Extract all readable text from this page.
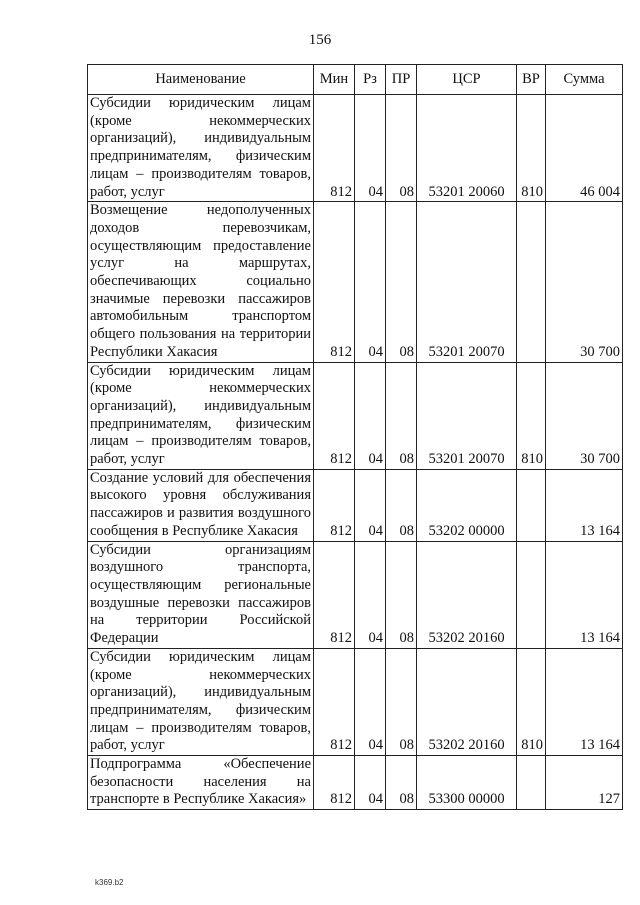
156
Наименование	Мин	Рз	ПР	ЦСР	ВР	Сумма
Субсидии юридическим лицам (кроме некоммерческих организаций), индивидуальным предпринимателям, физическим лицам – производителям товаров, работ, услуг	812	04	08	53201 20060	810	46 004
Возмещение недополученных доходов перевозчикам, осуществляющим предоставление услуг на маршрутах, обеспечивающих социально значимые перевозки пассажиров автомобильным транспортом общего пользования на территории Республики Хакасия	812	04	08	53201 20070		30 700
Субсидии юридическим лицам (кроме некоммерческих организаций), индивидуальным предпринимателям, физическим лицам – производителям товаров, работ, услуг	812	04	08	53201 20070	810	30 700
Создание условий для обеспечения высокого уровня обслуживания пассажиров и развития воздушного сообщения в Республике Хакасия	812	04	08	53202 00000		13 164
Субсидии организациям воздушного транспорта, осуществляющим региональные воздушные перевозки пассажиров на территории Российской Федерации	812	04	08	53202 20160		13 164
Субсидии юридическим лицам (кроме некоммерческих организаций), индивидуальным предпринимателям, физическим лицам – производителям товаров, работ, услуг	812	04	08	53202 20160	810	13 164
Подпрограмма «Обеспечение безопасности населения на транспорте в Республике Хакасия»	812	04	08	53300 00000		127
k369.b2
